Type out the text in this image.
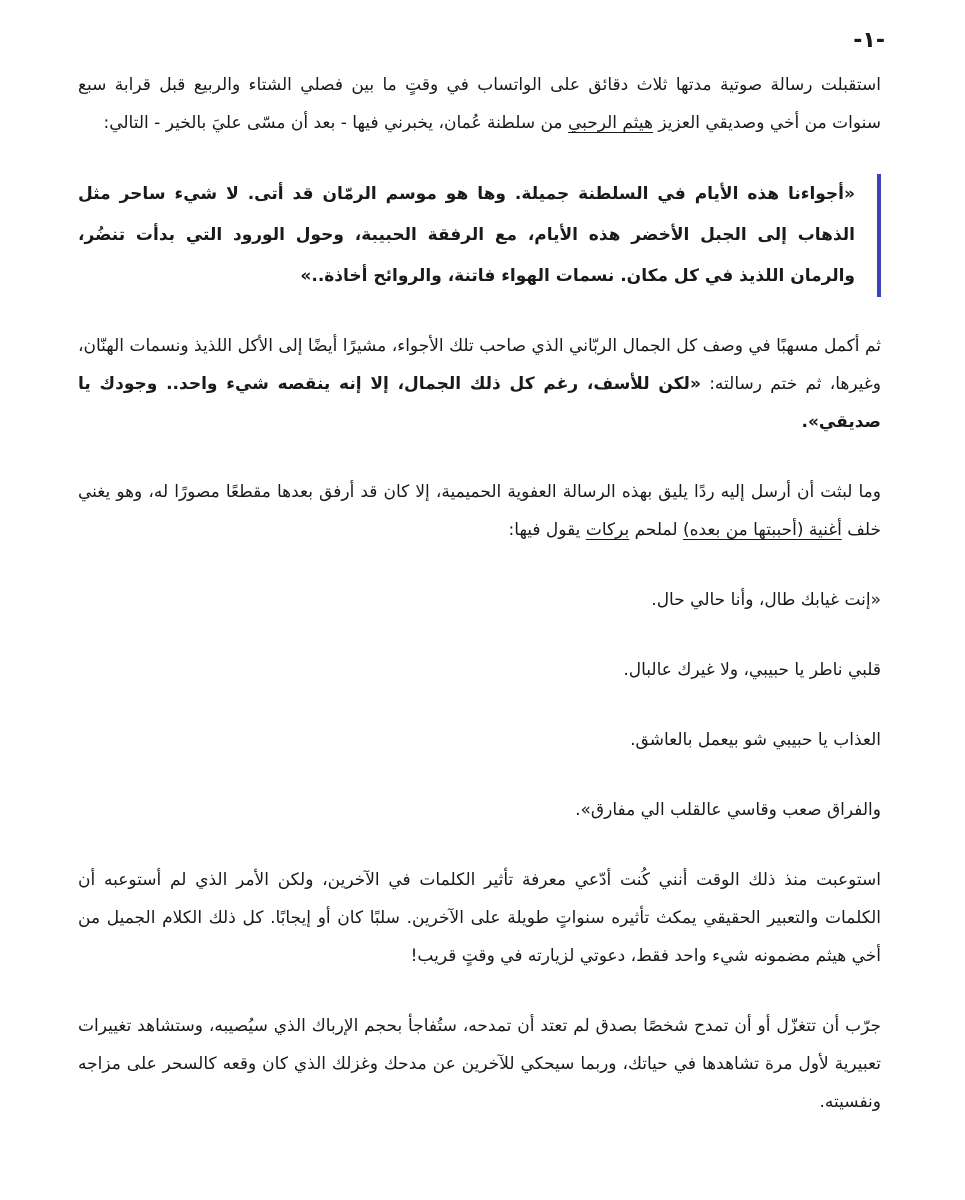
-١-

استقبلت رسالة صوتية مدتها ثلاث دقائق على الواتساب في وقتٍ ما بين فصلي الشتاء والربيع قبل قرابة سبع سنوات من أخي وصديقي العزيز هيثم الرحبي من سلطنة عُمان، يخبرني فيها - بعد أن مسّى عليَ بالخير - التالي:

«أجواءنا هذه الأيام في السلطنة جميلة. وها هو موسم الرمّان قد أتى. لا شيء ساحر مثل الذهاب إلى الجبل الأخضر هذه الأيام، مع الرفقة الحبيبة، وحول الورود التي بدأت تنضُر، والرمان اللذيذ في كل مكان. نسمات الهواء فاتنة، والروائح أخاذة..»

ثم أكمل مسهبًا في وصف كل الجمال الربّاني الذي صاحب تلك الأجواء، مشيرًا أيضًا إلى الأكل اللذيذ ونسمات الهنّان، وغيرها، ثم ختم رسالته: «لكن للأسف، رغم كل ذلك الجمال، إلا إنه ينقصه شيء واحد.. وجودك يا صديقي».

وما لبثت أن أرسل إليه ردًا يليق بهذه الرسالة العفوية الحميمية، إلا كان قد أرفق بعدها مقطعًا مصورًا له، وهو يغني خلف أغنية (أحببتها من بعده) لملحم بركات يقول فيها:

«إنت غيابك طال، وأنا حالي حال.

قلبي ناطر يا حبيبي، ولا غيرك عالبال.

العذاب يا حبيبي شو بيعمل بالعاشق.

والفراق صعب وقاسي عالقلب الي مفارق».

استوعبت منذ ذلك الوقت أنني كُنت أدّعي معرفة تأثير الكلمات في الآخرين، ولكن الأمر الذي لم أستوعبه أن الكلمات والتعبير الحقيقي يمكث تأثيره سنواتٍ طويلة على الآخرين. سلبًا كان أو إيجابًا. كل ذلك الكلام الجميل من أخي هيثم مضمونه شيء واحد فقط، دعوتي لزيارته في وقتٍ قريب!

جرّب أن تتغزّل أو أن تمدح شخصًا بصدق لم تعتد أن تمدحه، ستُفاجأ بحجم الإرباك الذي سيُصيبه، وستشاهد تغييرات تعبيرية لأول مرة تشاهدها في حياتك، وربما سيحكي للآخرين عن مدحك وغزلك الذي كان وقعه كالسحر على مزاجه ونفسيته.
